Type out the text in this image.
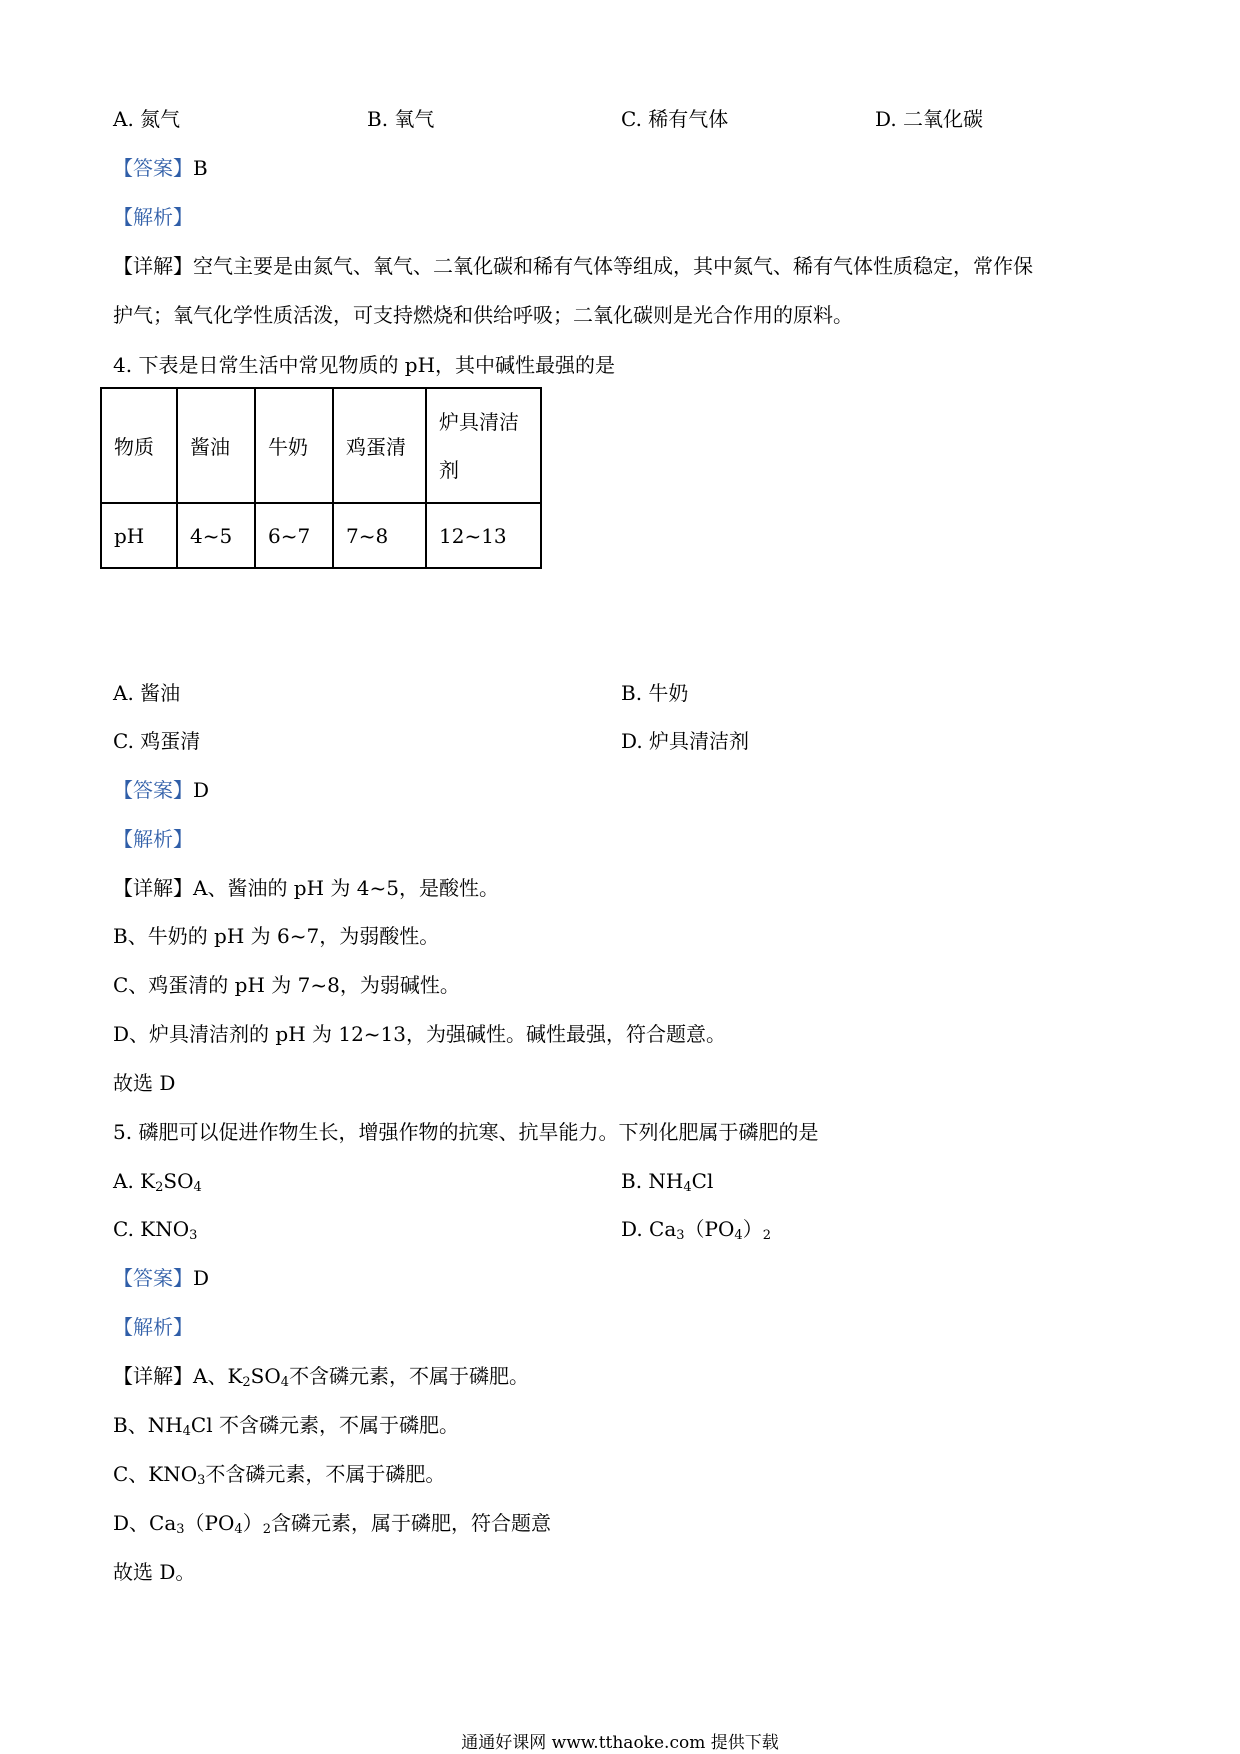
A. 氮气	B. 氧气	C. 稀有气体	D. 二氧化碳
【答案】B
【解析】
【详解】空气主要是由氮气、氧气、二氧化碳和稀有气体等组成，其中氮气、稀有气体性质稳定，常作保
护气；氧气化学性质活泼，可支持燃烧和供给呼吸；二氧化碳则是光合作用的原料。
4. 下表是日常生活中常见物质的 pH，其中碱性最强的是
物质	酱油	牛奶	鸡蛋清	炉具清洁剂
pH	4~5	6~7	7~8	12~13
A. 酱油	B. 牛奶
C. 鸡蛋清	D. 炉具清洁剂
【答案】D
【解析】
【详解】A、酱油的 pH 为 4~5，是酸性。
B、牛奶的 pH 为 6~7，为弱酸性。
C、鸡蛋清的 pH 为 7~8，为弱碱性。
D、炉具清洁剂的 pH 为 12~13，为强碱性。碱性最强，符合题意。
故选 D
5. 磷肥可以促进作物生长，增强作物的抗寒、抗旱能力。下列化肥属于磷肥的是
A. $K_2SO_4$	B. $NH_4Cl$
C. $KNO_3$	D. $Ca_3(PO_4)_2$
【答案】D
【解析】
【详解】A、$K_2SO_4$不含磷元素，不属于磷肥。
B、$NH_4Cl$ 不含磷元素，不属于磷肥。
C、$KNO_3$不含磷元素，不属于磷肥。
D、$Ca_3(PO_4)_2$含磷元素，属于磷肥，符合题意
故选 D。
通通好课网 www.tthaoke.com 提供下载
